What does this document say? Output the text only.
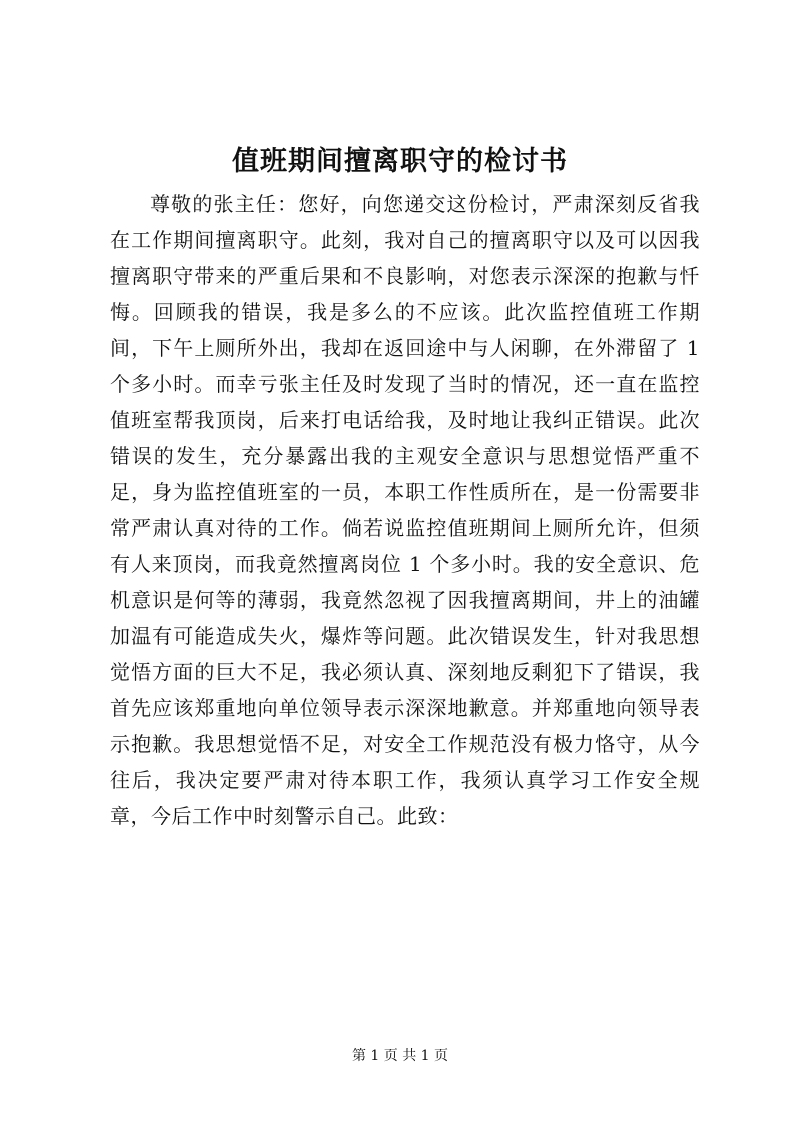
值班期间擅离职守的检讨书
尊敬的张主任：您好，向您递交这份检讨，严肃深刻反省我在工作期间擅离职守。此刻，我对自己的擅离职守以及可以因我擅离职守带来的严重后果和不良影响，对您表示深深的抱歉与忏悔。回顾我的错误，我是多么的不应该。此次监控值班工作期间，下午上厕所外出，我却在返回途中与人闲聊，在外滞留了 1 个多小时。而幸亏张主任及时发现了当时的情况，还一直在监控值班室帮我顶岗，后来打电话给我，及时地让我纠正错误。此次错误的发生，充分暴露出我的主观安全意识与思想觉悟严重不足，身为监控值班室的一员，本职工作性质所在，是一份需要非常严肃认真对待的工作。倘若说监控值班期间上厕所允许，但须有人来顶岗，而我竟然擅离岗位 1 个多小时。我的安全意识、危机意识是何等的薄弱，我竟然忽视了因我擅离期间，井上的油罐加温有可能造成失火，爆炸等问题。此次错误发生，针对我思想觉悟方面的巨大不足，我必须认真、深刻地反剩犯下了错误，我首先应该郑重地向单位领导表示深深地歉意。并郑重地向领导表示抱歉。我思想觉悟不足，对安全工作规范没有极力恪守，从今往后，我决定要严肃对待本职工作，我须认真学习工作安全规章，今后工作中时刻警示自己。此致：
第 1 页 共 1 页
